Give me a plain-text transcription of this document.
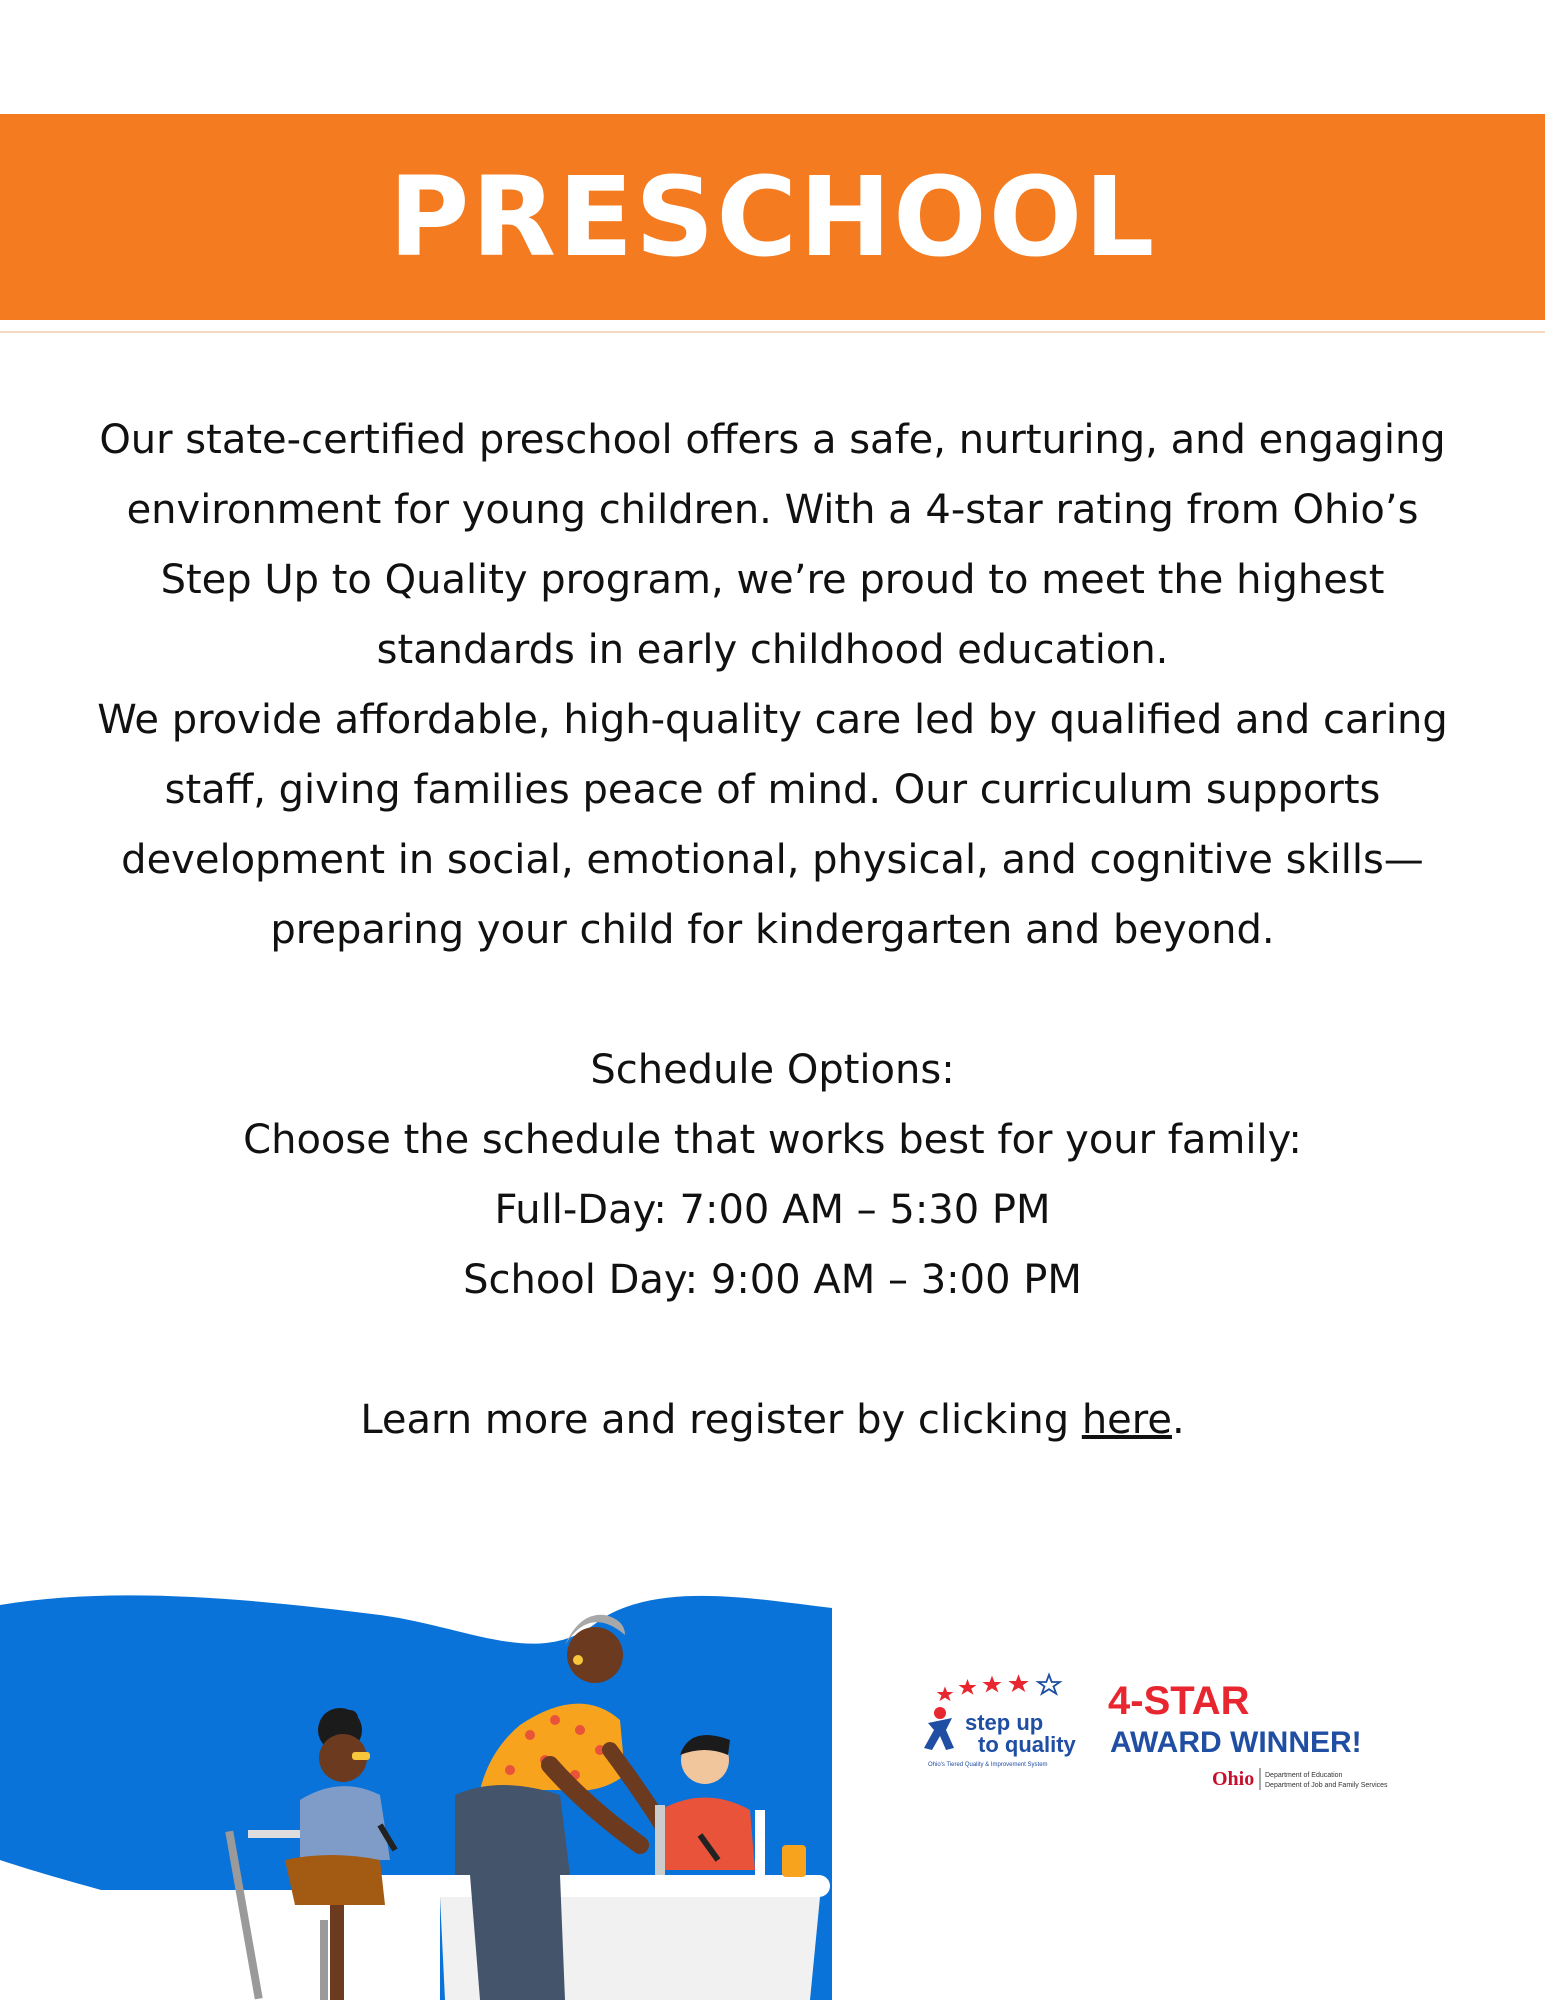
PRESCHOOL

Our state-certified preschool offers a safe, nurturing, and engaging environment for young children. With a 4-star rating from Ohio’s Step Up to Quality program, we’re proud to meet the highest standards in early childhood education.

We provide affordable, high-quality care led by qualified and caring staff, giving families peace of mind. Our curriculum supports development in social, emotional, physical, and cognitive skills—preparing your child for kindergarten and beyond.

Schedule Options:

Choose the schedule that works best for your family:

Full-Day: 7:00 AM – 5:30 PM

School Day: 9:00 AM – 3:00 PM

Learn more and register by clicking here.

step up
to quality
Ohio's Tiered Quality & Improvement System
4-STAR
AWARD WINNER!
Ohio Department of Education
Department of Job and Family Services
